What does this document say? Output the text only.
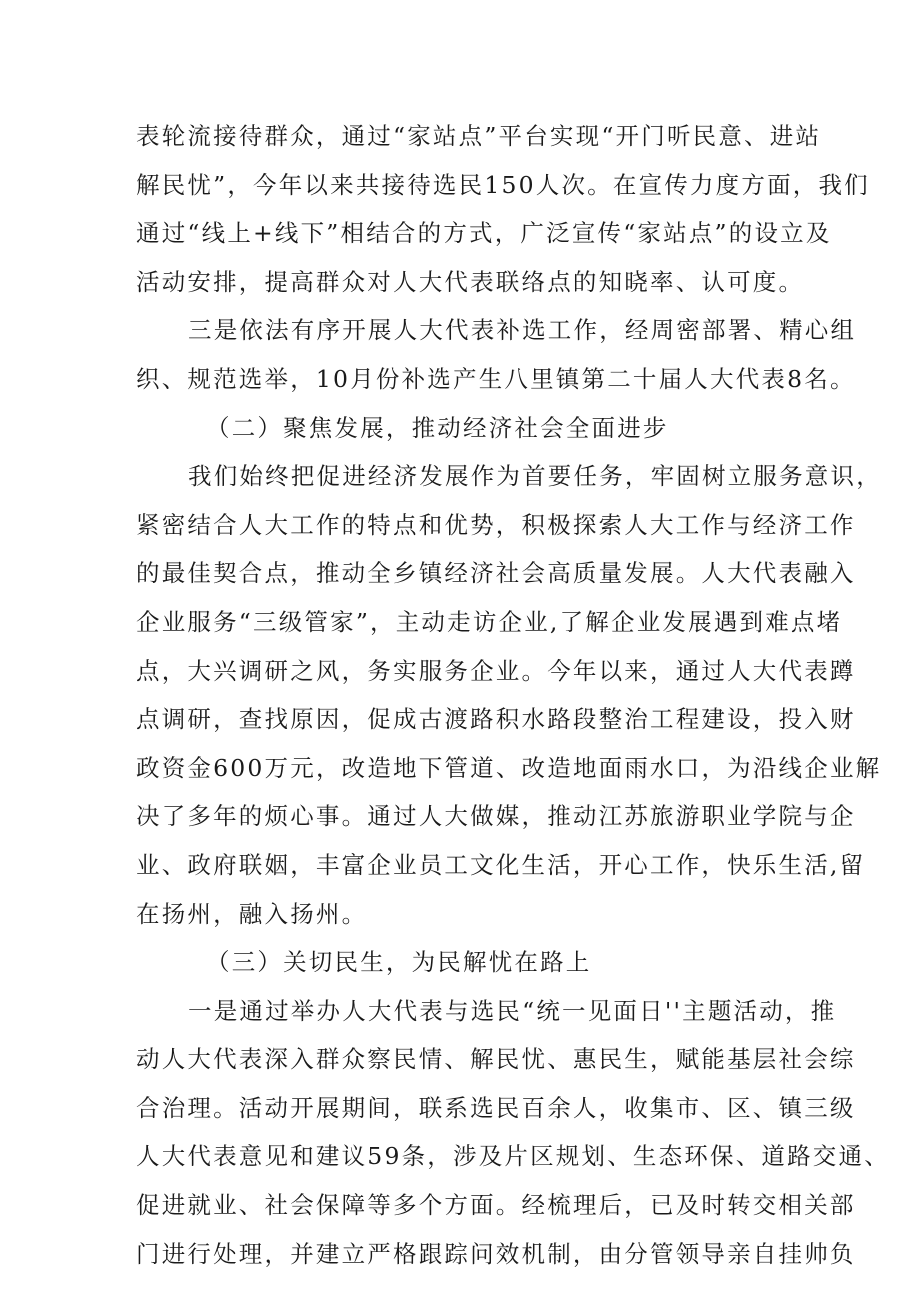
表轮流接待群众，通过“家站点”平台实现“开门听民意、进站
解民忧”，今年以来共接待选民150人次。在宣传力度方面，我们
通过“线上+线下”相结合的方式，广泛宣传“家站点”的设立及
活动安排，提高群众对人大代表联络点的知晓率、认可度。
三是依法有序开展人大代表补选工作，经周密部署、精心组
织、规范选举，10月份补选产生八里镇第二十届人大代表8名。
（二）聚焦发展，推动经济社会全面进步
我们始终把促进经济发展作为首要任务，牢固树立服务意识，
紧密结合人大工作的特点和优势，积极探索人大工作与经济工作
的最佳契合点，推动全乡镇经济社会高质量发展。人大代表融入
企业服务“三级管家”，主动走访企业,了解企业发展遇到难点堵
点，大兴调研之风，务实服务企业。今年以来，通过人大代表蹲
点调研，查找原因，促成古渡路积水路段整治工程建设，投入财
政资金600万元，改造地下管道、改造地面雨水口，为沿线企业解
决了多年的烦心事。通过人大做媒，推动江苏旅游职业学院与企
业、政府联姻，丰富企业员工文化生活，开心工作，快乐生活,留
在扬州，融入扬州。
（三）关切民生，为民解忧在路上
一是通过举办人大代表与选民“统一见面日''主题活动，推
动人大代表深入群众察民情、解民忧、惠民生，赋能基层社会综
合治理。活动开展期间，联系选民百余人，收集市、区、镇三级
人大代表意见和建议59条，涉及片区规划、生态环保、道路交通、
促进就业、社会保障等多个方面。经梳理后，已及时转交相关部
门进行处理，并建立严格跟踪问效机制，由分管领导亲自挂帅负
